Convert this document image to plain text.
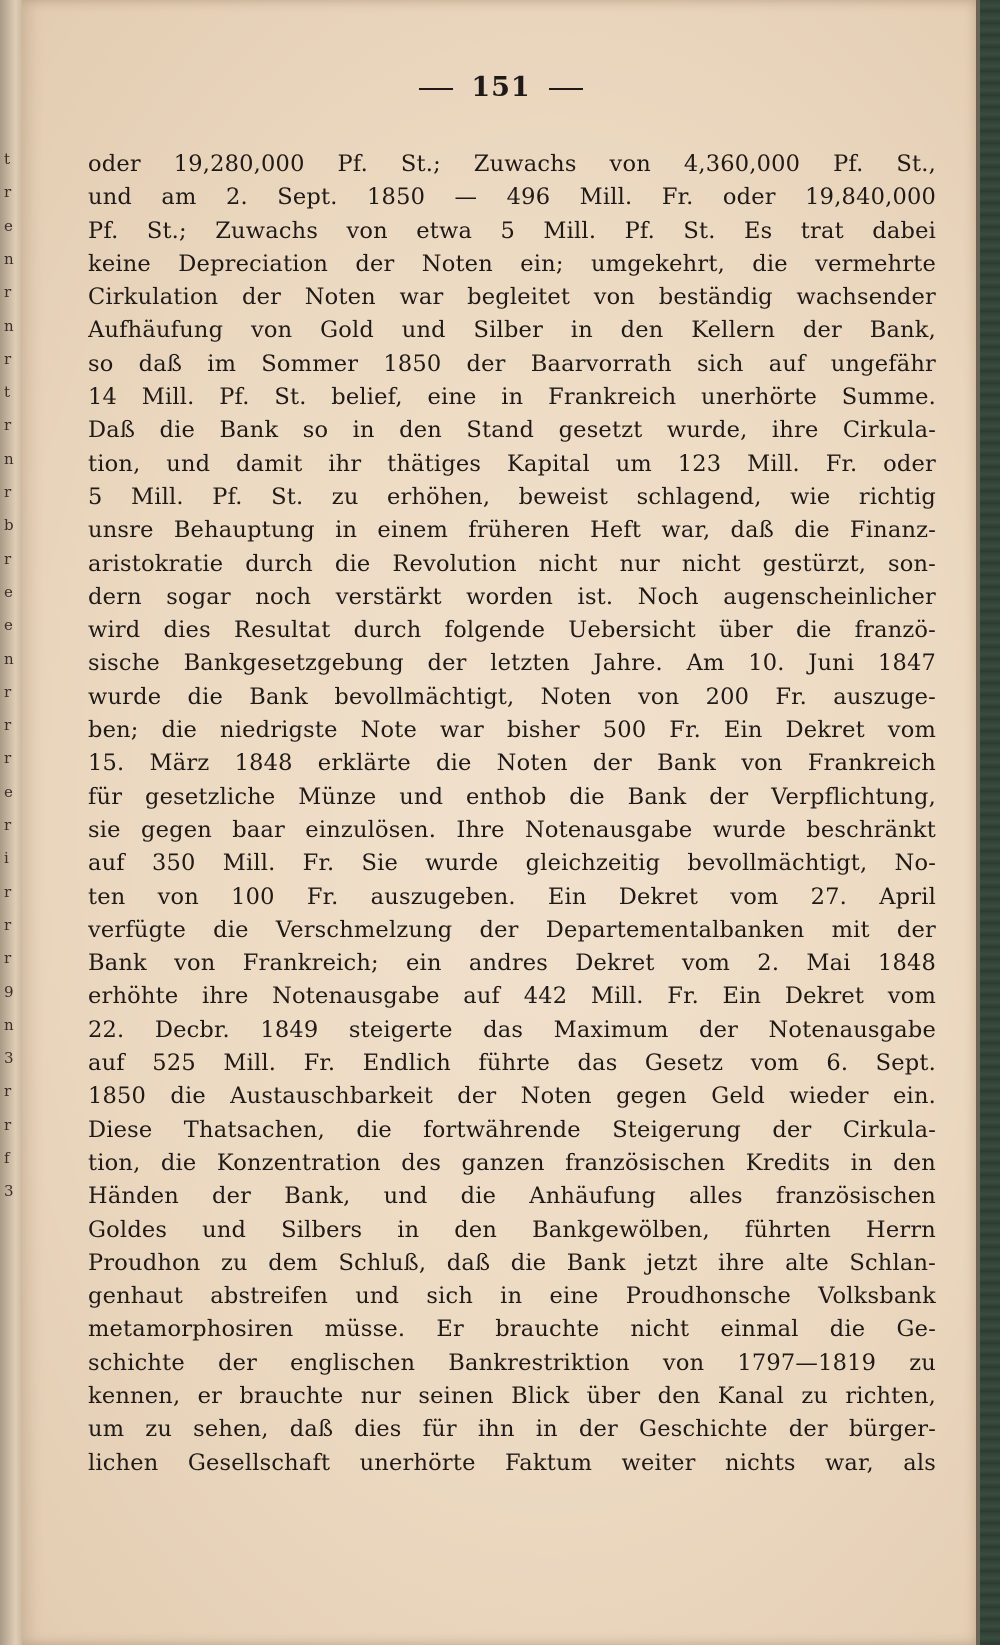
t
r
e
n
r
n
r
t
r
n
r
b
r
e
e
n
r
r
r
e
r
i
r
r
r
9
n
3
r
r
f
3
151
oder 19,280,000 Pf. St.; Zuwachs von 4,360,000 Pf. St.,
und am 2. Sept. 1850 — 496 Mill. Fr. oder 19,840,000
Pf. St.; Zuwachs von etwa 5 Mill. Pf. St. Es trat dabei
keine Depreciation der Noten ein; umgekehrt, die vermehrte
Cirkulation der Noten war begleitet von beständig wachsender
Aufhäufung von Gold und Silber in den Kellern der Bank,
so daß im Sommer 1850 der Baarvorrath sich auf ungefähr
14 Mill. Pf. St. belief, eine in Frankreich unerhörte Summe.
Daß die Bank so in den Stand gesetzt wurde, ihre Cirkula-
tion, und damit ihr thätiges Kapital um 123 Mill. Fr. oder
5 Mill. Pf. St. zu erhöhen, beweist schlagend, wie richtig
unsre Behauptung in einem früheren Heft war, daß die Finanz-
aristokratie durch die Revolution nicht nur nicht gestürzt, son-
dern sogar noch verstärkt worden ist. Noch augenscheinlicher
wird dies Resultat durch folgende Uebersicht über die franzö-
sische Bankgesetzgebung der letzten Jahre. Am 10. Juni 1847
wurde die Bank bevollmächtigt, Noten von 200 Fr. auszuge-
ben; die niedrigste Note war bisher 500 Fr. Ein Dekret vom
15. März 1848 erklärte die Noten der Bank von Frankreich
für gesetzliche Münze und enthob die Bank der Verpflichtung,
sie gegen baar einzulösen. Ihre Notenausgabe wurde beschränkt
auf 350 Mill. Fr. Sie wurde gleichzeitig bevollmächtigt, No-
ten von 100 Fr. auszugeben. Ein Dekret vom 27. April
verfügte die Verschmelzung der Departementalbanken mit der
Bank von Frankreich; ein andres Dekret vom 2. Mai 1848
erhöhte ihre Notenausgabe auf 442 Mill. Fr. Ein Dekret vom
22. Decbr. 1849 steigerte das Maximum der Notenausgabe
auf 525 Mill. Fr. Endlich führte das Gesetz vom 6. Sept.
1850 die Austauschbarkeit der Noten gegen Geld wieder ein.
Diese Thatsachen, die fortwährende Steigerung der Cirkula-
tion, die Konzentration des ganzen französischen Kredits in den
Händen der Bank, und die Anhäufung alles französischen
Goldes und Silbers in den Bankgewölben, führten Herrn
Proudhon zu dem Schluß, daß die Bank jetzt ihre alte Schlan-
genhaut abstreifen und sich in eine Proudhonsche Volksbank
metamorphosiren müsse. Er brauchte nicht einmal die Ge-
schichte der englischen Bankrestriktion von 1797—1819 zu
kennen, er brauchte nur seinen Blick über den Kanal zu richten,
um zu sehen, daß dies für ihn in der Geschichte der bürger-
lichen Gesellschaft unerhörte Faktum weiter nichts war, als
